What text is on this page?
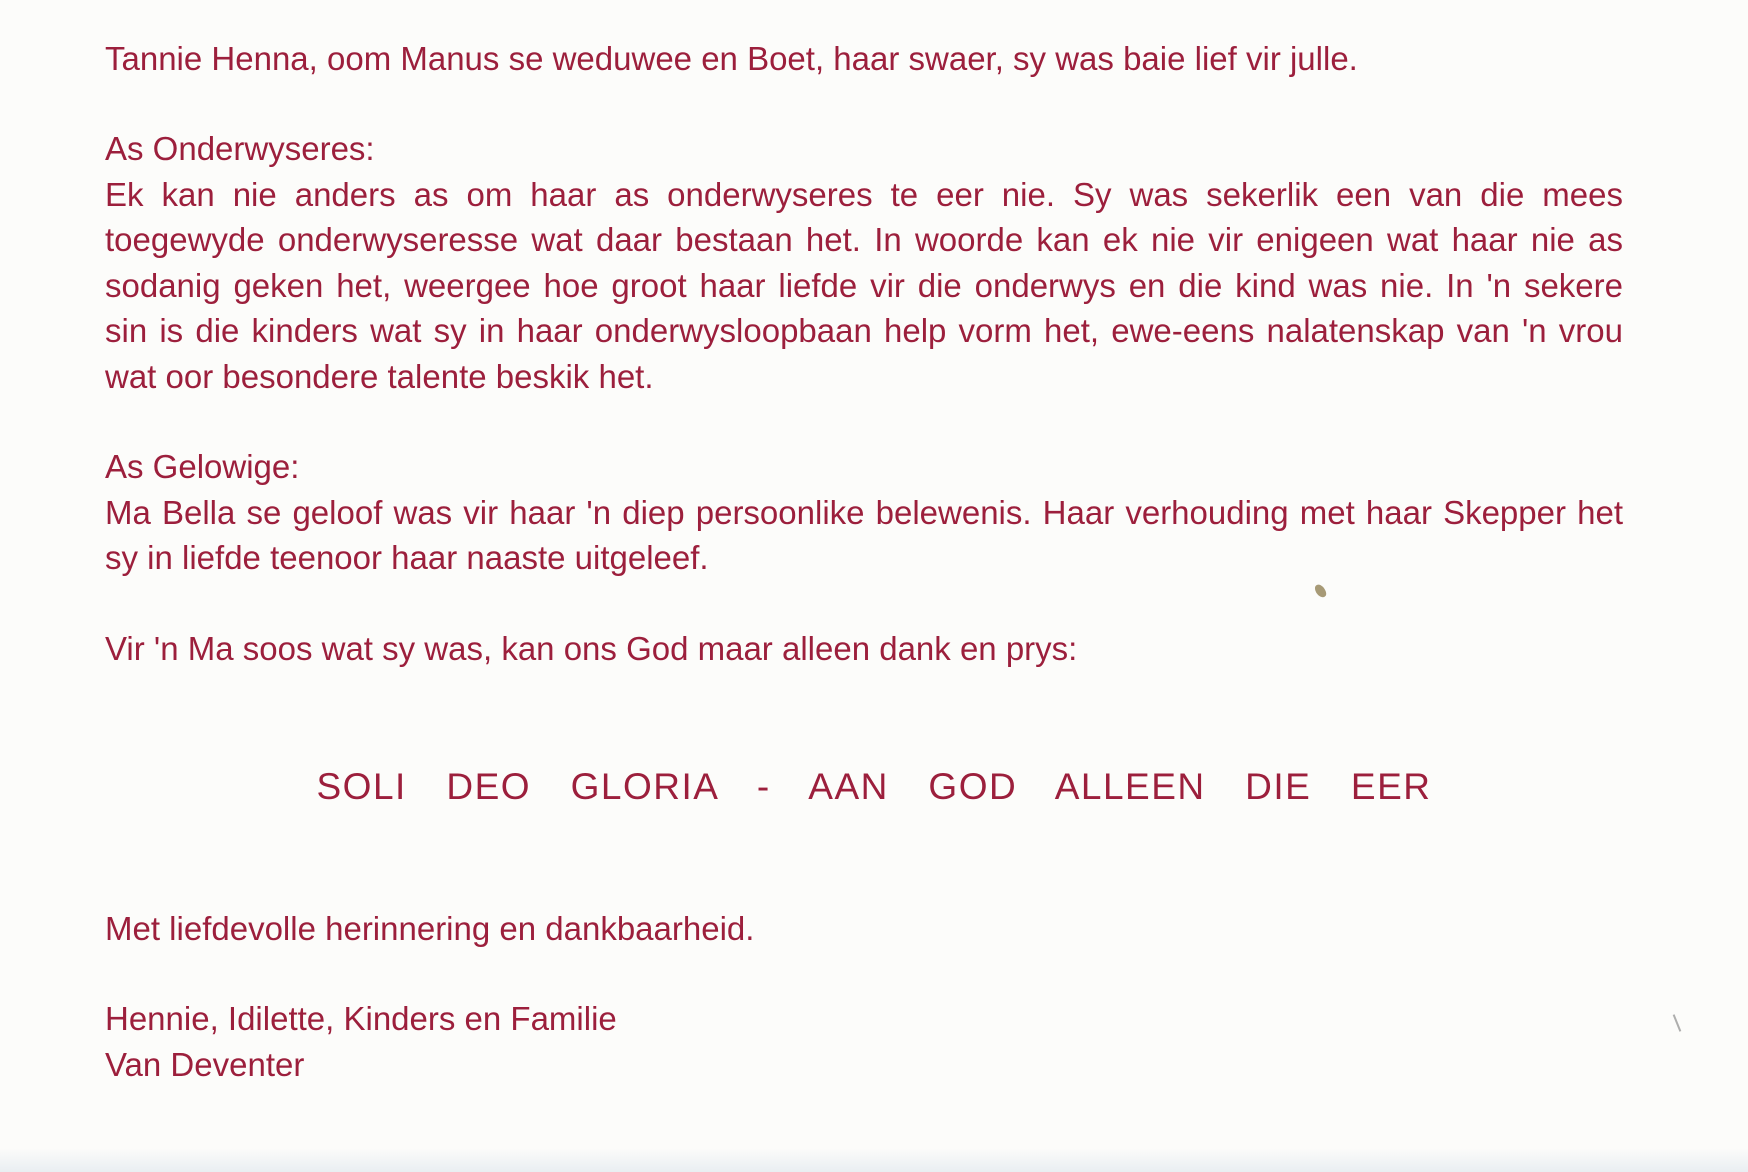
Tannie Henna, oom Manus se weduwee en Boet, haar swaer, sy was baie lief vir julle.

As Onderwyseres:
Ek kan nie anders as om haar as onderwyseres te eer nie. Sy was sekerlik een van die mees
toegewyde onderwyseresse wat daar bestaan het. In woorde kan ek nie vir enigeen wat haar nie as
sodanig geken het, weergee hoe groot haar liefde vir die onderwys en die kind was nie. In 'n sekere
sin is die kinders wat sy in haar onderwysloopbaan help vorm het, ewe-eens nalatenskap van 'n vrou
wat oor besondere talente beskik het.
As Gelowige:
Ma Bella se geloof was vir haar 'n diep persoonlike belewenis. Haar verhouding met haar Skepper het
sy in liefde teenoor haar naaste uitgeleef.

Vir 'n Ma soos wat sy was, kan ons God maar alleen dank en prys:

SOLI  DEO  GLORIA  -  AAN  GOD  ALLEEN  DIE  EER

Met liefdevolle herinnering en dankbaarheid.

Hennie, Idilette, Kinders en Familie
Van Deventer
